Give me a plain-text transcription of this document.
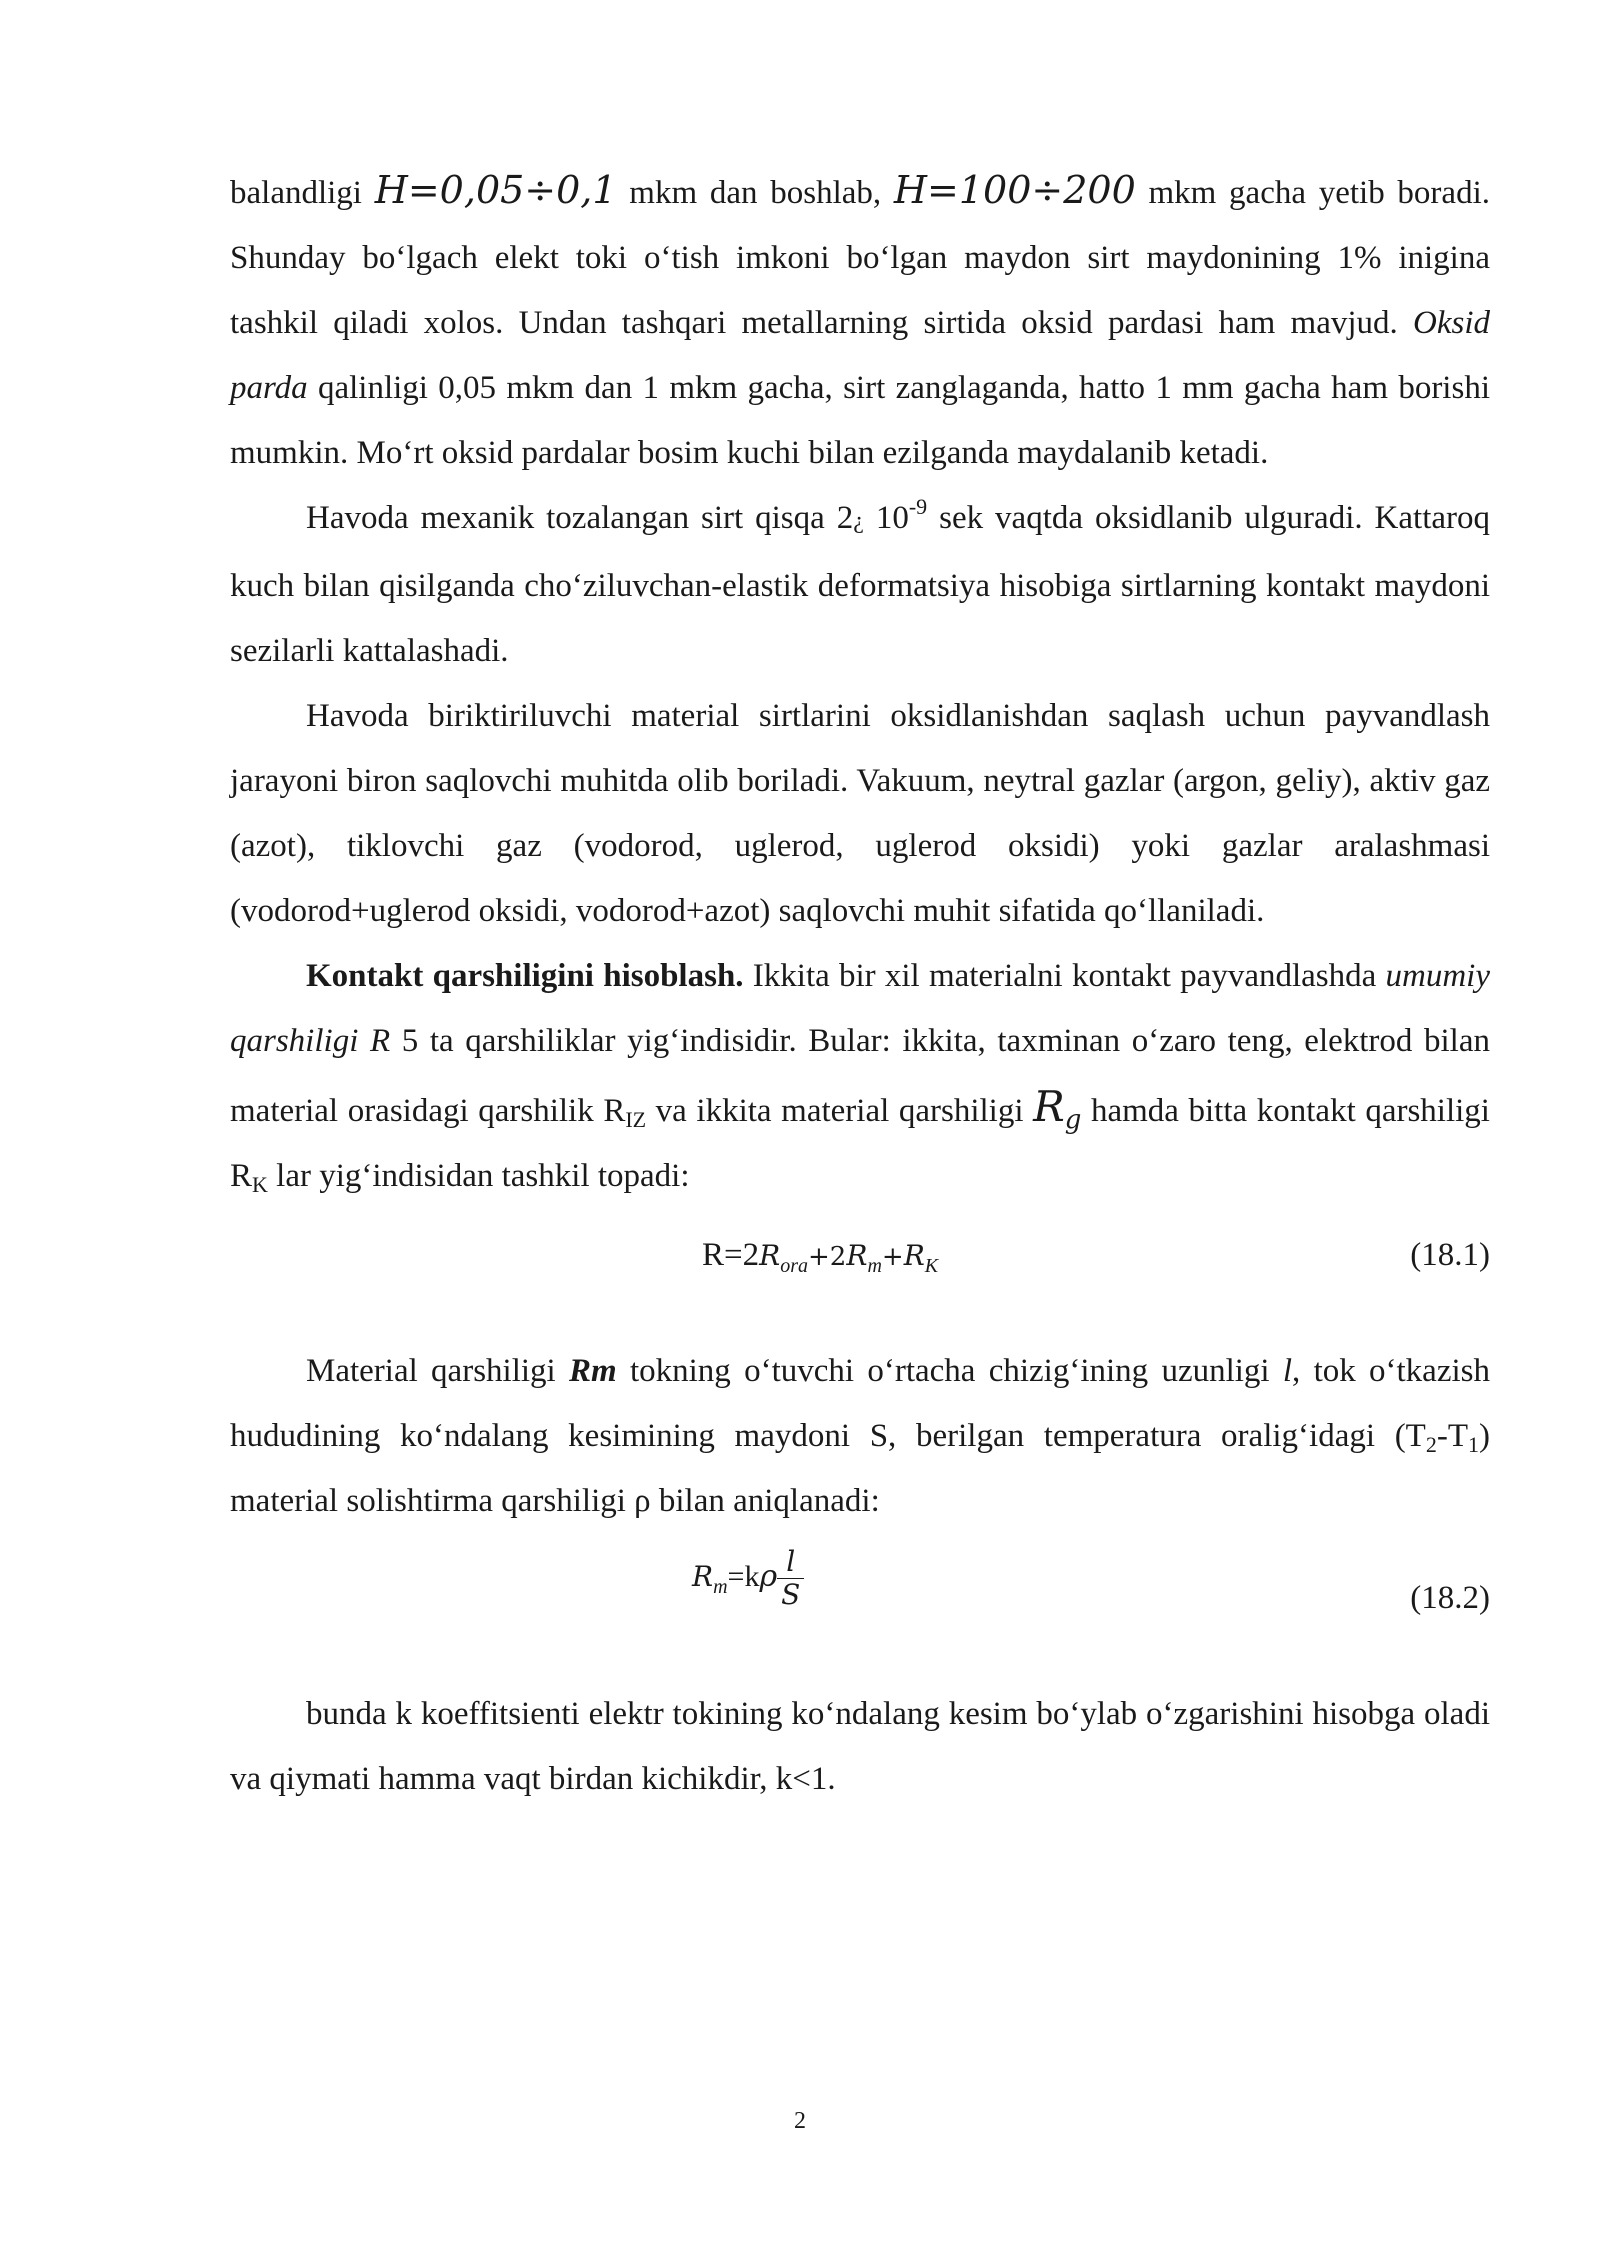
balandligi H=0,05÷0,1 mkm dan boshlab, H=100÷200 mkm gacha yetib boradi. Shunday bo‘lgach elekt toki o‘tish imkoni bo‘lgan maydon sirt maydonining 1% inigina tashkil qiladi xolos. Undan tashqari metallarning sirtida oksid pardasi ham mavjud. Oksid parda qalinligi 0,05 mkm dan 1 mkm gacha, sirt zanglaganda, hatto 1 mm gacha ham borishi mumkin. Mo‘rt oksid pardalar bosim kuchi bilan ezilganda maydalanib ketadi.

Havoda mexanik tozalangan sirt qisqa 2¿ $10^{-9}$ sek vaqtda oksidlanib ulguradi. Kattaroq kuch bilan qisilganda cho‘ziluvchan-elastik deformatsiya hisobiga sirtlarning kontakt maydoni sezilarli kattalashadi.

Havoda biriktiriluvchi material sirtlarini oksidlanishdan saqlash uchun payvandlash jarayoni biron saqlovchi muhitda olib boriladi. Vakuum, neytral gazlar (argon, geliy), aktiv gaz (azot), tiklovchi gaz (vodorod, uglerod, uglerod oksidi) yoki gazlar aralashmasi (vodorod+uglerod oksidi, vodorod+azot) saqlovchi muhit sifatida qo‘llaniladi.

Kontakt qarshiligini hisoblash. Ikkita bir xil materialni kontakt payvandlashda umumiy qarshiligi R 5 ta qarshiliklar yig‘indisidir. Bular: ikkita, taxminan o‘zaro teng, elektrod bilan material orasidagi qarshilik $R_{IZ}$ va ikkita material qarshiligi Rg hamda bitta kontakt qarshiligi $R_K$ lar yig‘indisidan tashkil topadi:

$R=2R_{ora}+2R_m+R_K$	(18.1)

Material qarshiligi Rm tokning o‘tuvchi o‘rtacha chizig‘ining uzunligi l, tok o‘tkazish hududining ko‘ndalang kesimining maydoni S, berilgan temperatura oralig‘idagi $(T_2-T_1)$ material solishtirma qarshiligi ρ bilan aniqlanadi:

$R_m=k\rho \frac{l}{S}$	(18.2)

bunda k koeffitsienti elektr tokining ko‘ndalang kesim bo‘ylab o‘zgarishini hisobga oladi va qiymati hamma vaqt birdan kichikdir, k<1.

2
